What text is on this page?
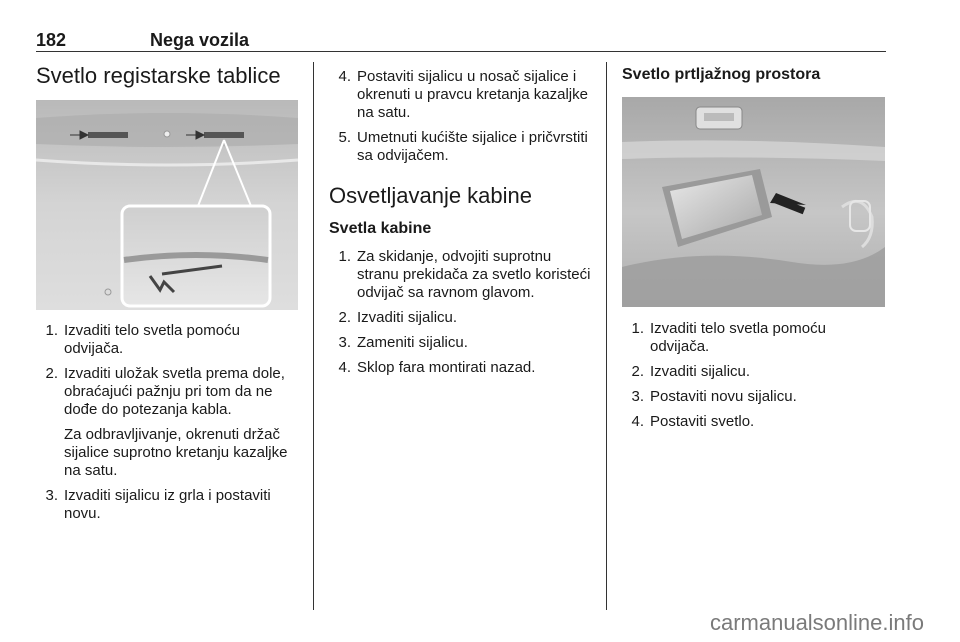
182	Nega vozila
Svetlo registarske tablice
1. Izvaditi telo svetla pomoću odvijača.
2. Izvaditi uložak svetla prema dole, obraćajući pažnju pri tom da ne dođe do potezanja kabla.
Za odbravljivanje, okrenuti držač sijalice suprotno kretanju kazaljke na satu.
3. Izvaditi sijalicu iz grla i postaviti novu.
4. Postaviti sijalicu u nosač sijalice i okrenuti u pravcu kretanja kazaljke na satu.
5. Umetnuti kućište sijalice i pričvrstiti sa odvijačem.
Osvetljavanje kabine
Svetla kabine
1. Za skidanje, odvojiti suprotnu stranu prekidača za svetlo koristeći odvijač sa ravnom glavom.
2. Izvaditi sijalicu.
3. Zameniti sijalicu.
4. Sklop fara montirati nazad.
Svetlo prtljažnog prostora
1. Izvaditi telo svetla pomoću odvijača.
2. Izvaditi sijalicu.
3. Postaviti novu sijalicu.
4. Postaviti svetlo.
carmanualsonline.info
